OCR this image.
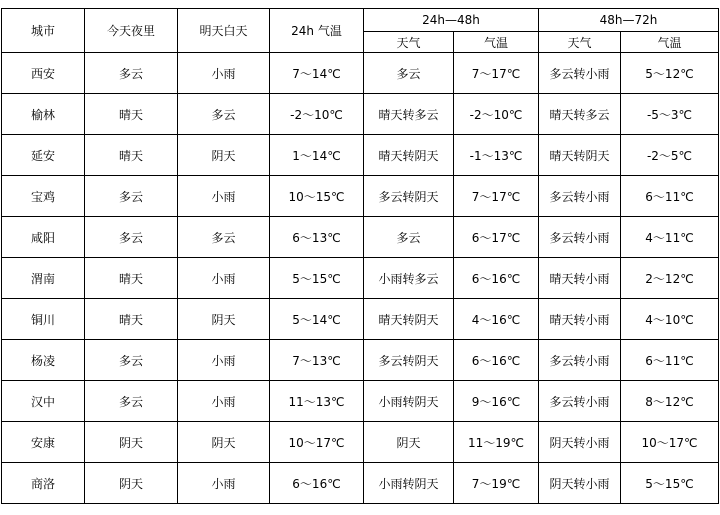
城市	今天夜里	明天白天	24h 气温	24h—48h		48h—72h	
				天气	气温	天气	气温
西安	多云	小雨	7～14℃	多云	7～17℃	多云转小雨	5～12℃
榆林	晴天	多云	-2～10℃	晴天转多云	-2～10℃	晴天转多云	-5～3℃
延安	晴天	阴天	1～14℃	晴天转阴天	-1～13℃	晴天转阴天	-2～5℃
宝鸡	多云	小雨	10～15℃	多云转阴天	7～17℃	多云转小雨	6～11℃
咸阳	多云	多云	6～13℃	多云	6～17℃	多云转小雨	4～11℃
渭南	晴天	小雨	5～15℃	小雨转多云	6～16℃	晴天转小雨	2～12℃
铜川	晴天	阴天	5～14℃	晴天转阴天	4～16℃	晴天转小雨	4～10℃
杨凌	多云	小雨	7～13℃	多云转阴天	6～16℃	多云转小雨	6～11℃
汉中	多云	小雨	11～13℃	小雨转阴天	9～16℃	多云转小雨	8～12℃
安康	阴天	阴天	10～17℃	阴天	11～19℃	阴天转小雨	10～17℃
商洛	阴天	小雨	6～16℃	小雨转阴天	7～19℃	阴天转小雨	5～15℃
